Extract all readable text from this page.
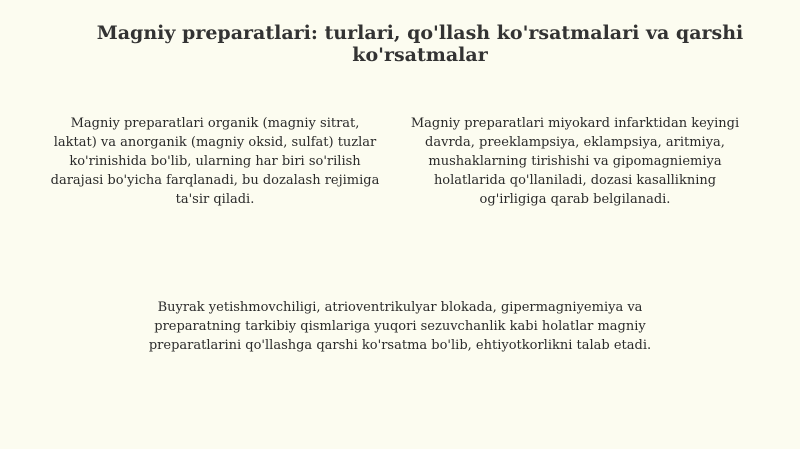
Magniy preparatlari: turlari, qo'llash ko'rsatmalari va qarshi ko'rsatmalar

Magniy preparatlari organik (magniy sitrat, laktat) va anorganik (magniy oksid, sulfat) tuzlar ko'rinishida bo'lib, ularning har biri so'rilish darajasi bo'yicha farqlanadi, bu dozalash rejimiga ta'sir qiladi.

Magniy preparatlari miyokard infarktidan keyingi davrda, preeklampsiya, eklampsiya, aritmiya, mushaklarning tirishishi va gipomagniemiya holatlarida qo'llaniladi, dozasi kasallikning og'irligiga qarab belgilanadi.

Buyrak yetishmovchiligi, atrioventrikulyar blokada, gipermagniyemiya va preparatning tarkibiy qismlariga yuqori sezuvchanlik kabi holatlar magniy preparatlarini qo'llashga qarshi ko'rsatma bo'lib, ehtiyotkorlikni talab etadi.
